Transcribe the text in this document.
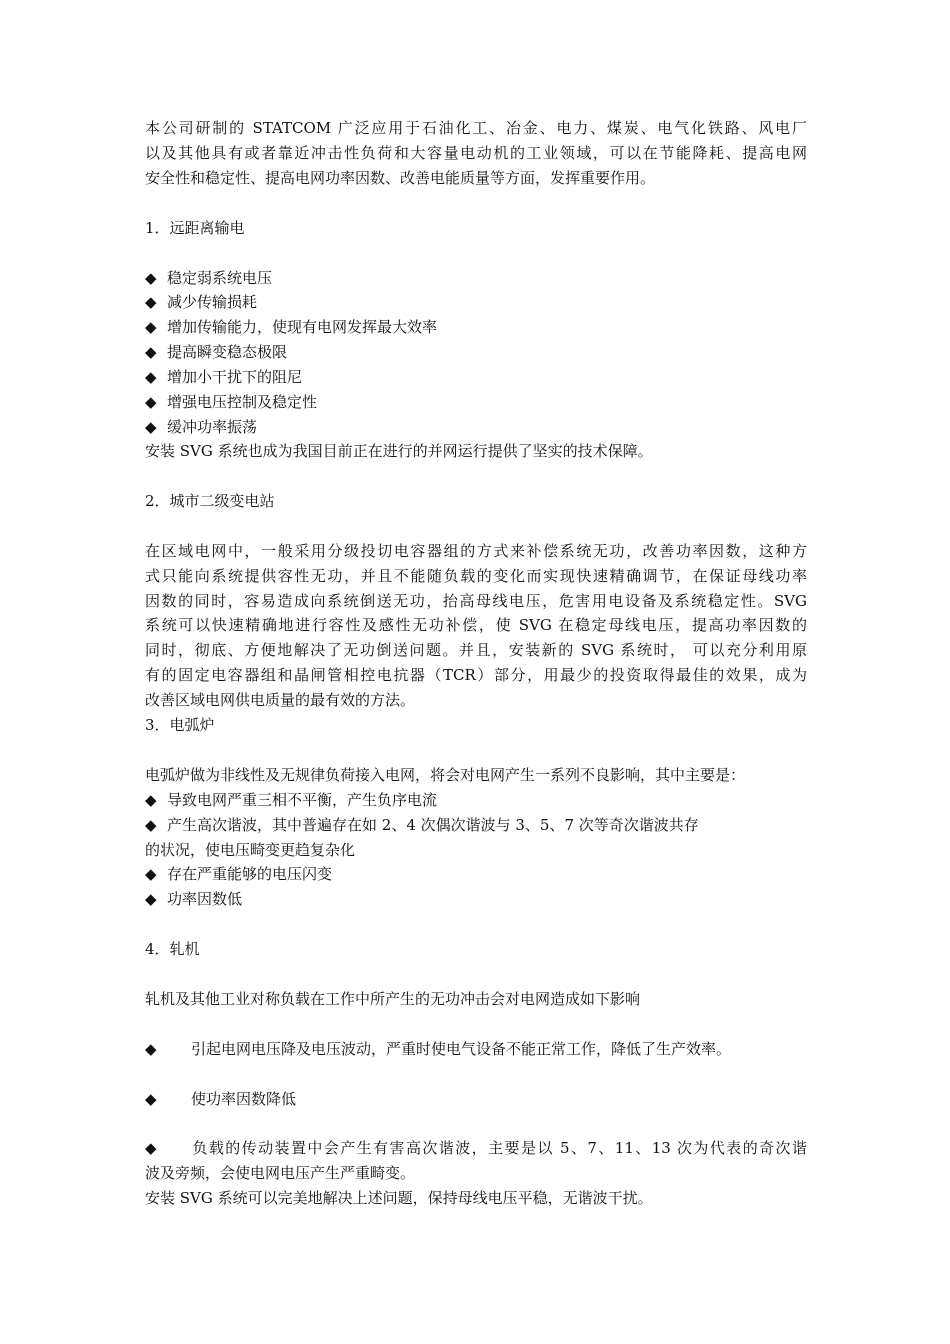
本公司研制的 STATCOM 广泛应用于石油化工、冶金、电力、煤炭、电气化铁路、风电厂
以及其他具有或者靠近冲击性负荷和大容量电动机的工业领域，可以在节能降耗、提高电网
安全性和稳定性、提高电网功率因数、改善电能质量等方面，发挥重要作用。
1．远距离输电
◆ 稳定弱系统电压
◆ 减少传输损耗
◆ 增加传输能力，使现有电网发挥最大效率
◆ 提高瞬变稳态极限
◆ 增加小干扰下的阻尼
◆ 增强电压控制及稳定性
◆ 缓冲功率振荡
安装 SVG 系统也成为我国目前正在进行的并网运行提供了坚实的技术保障。
2．城市二级变电站
在区域电网中，一般采用分级投切电容器组的方式来补偿系统无功，改善功率因数，这种方
式只能向系统提供容性无功，并且不能随负载的变化而实现快速精确调节，在保证母线功率
因数的同时，容易造成向系统倒送无功，抬高母线电压，危害用电设备及系统稳定性。SVG
系统可以快速精确地进行容性及感性无功补偿，使 SVG 在稳定母线电压，提高功率因数的
同时，彻底、方便地解决了无功倒送问题。并且，安装新的 SVG 系统时， 可以充分利用原
有的固定电容器组和晶闸管相控电抗器（TCR）部分，用最少的投资取得最佳的效果，成为
改善区域电网供电质量的最有效的方法。
3．电弧炉
电弧炉做为非线性及无规律负荷接入电网，将会对电网产生一系列不良影响，其中主要是：
◆ 导致电网严重三相不平衡，产生负序电流
◆ 产生高次谐波，其中普遍存在如 2、4 次偶次谐波与 3、5、7 次等奇次谐波共存
的状况，使电压畸变更趋复杂化
◆ 存在严重能够的电压闪变
◆ 功率因数低
4．轧机
轧机及其他工业对称负载在工作中所产生的无功冲击会对电网造成如下影响
◆ 引起电网电压降及电压波动，严重时使电气设备不能正常工作，降低了生产效率。
◆ 使功率因数降低
◆ 负载的传动装置中会产生有害高次谐波，主要是以 5、7、11、13 次为代表的奇次谐
波及旁频，会使电网电压产生严重畸变。
安装 SVG 系统可以完美地解决上述问题，保持母线电压平稳，无谐波干扰。
